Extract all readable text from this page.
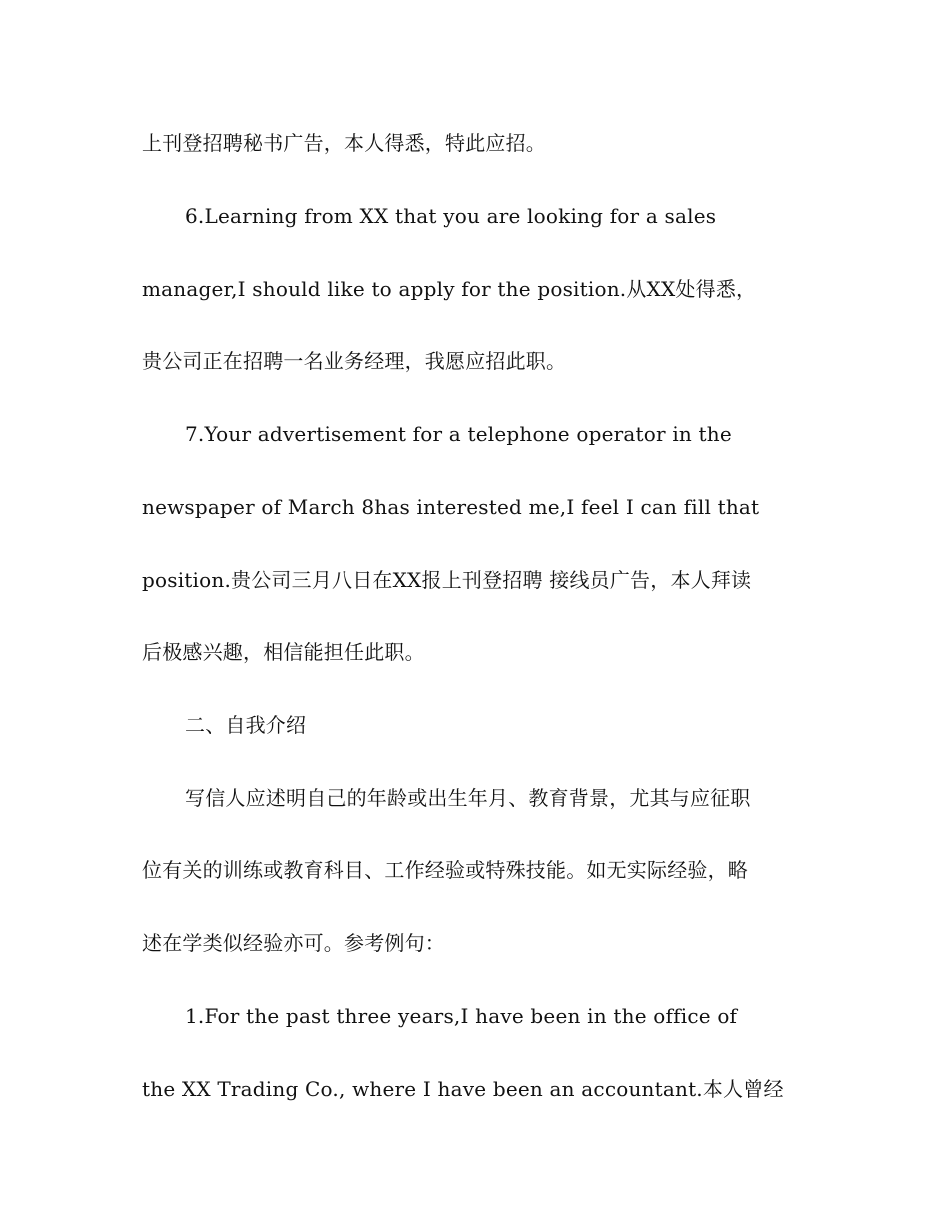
上刊登招聘秘书广告，本人得悉，特此应招。
6.Learning from XX that you are looking for a sales
manager,I should like to apply for the position.从XX处得悉，
贵公司正在招聘一名业务经理，我愿应招此职。
7.Your advertisement for a telephone operator in the
newspaper of March 8has interested me,I feel I can fill that
position.贵公司三月八日在XX报上刊登招聘 接线员广告，本人拜读
后极感兴趣，相信能担任此职。
二、自我介绍
写信人应述明自己的年龄或出生年月、教育背景，尤其与应征职
位有关的训练或教育科目、工作经验或特殊技能。如无实际经验，略
述在学类似经验亦可。参考例句：
1.For the past three years,I have been in the office of
the XX Trading Co., where I have been an accountant.本人曾经
